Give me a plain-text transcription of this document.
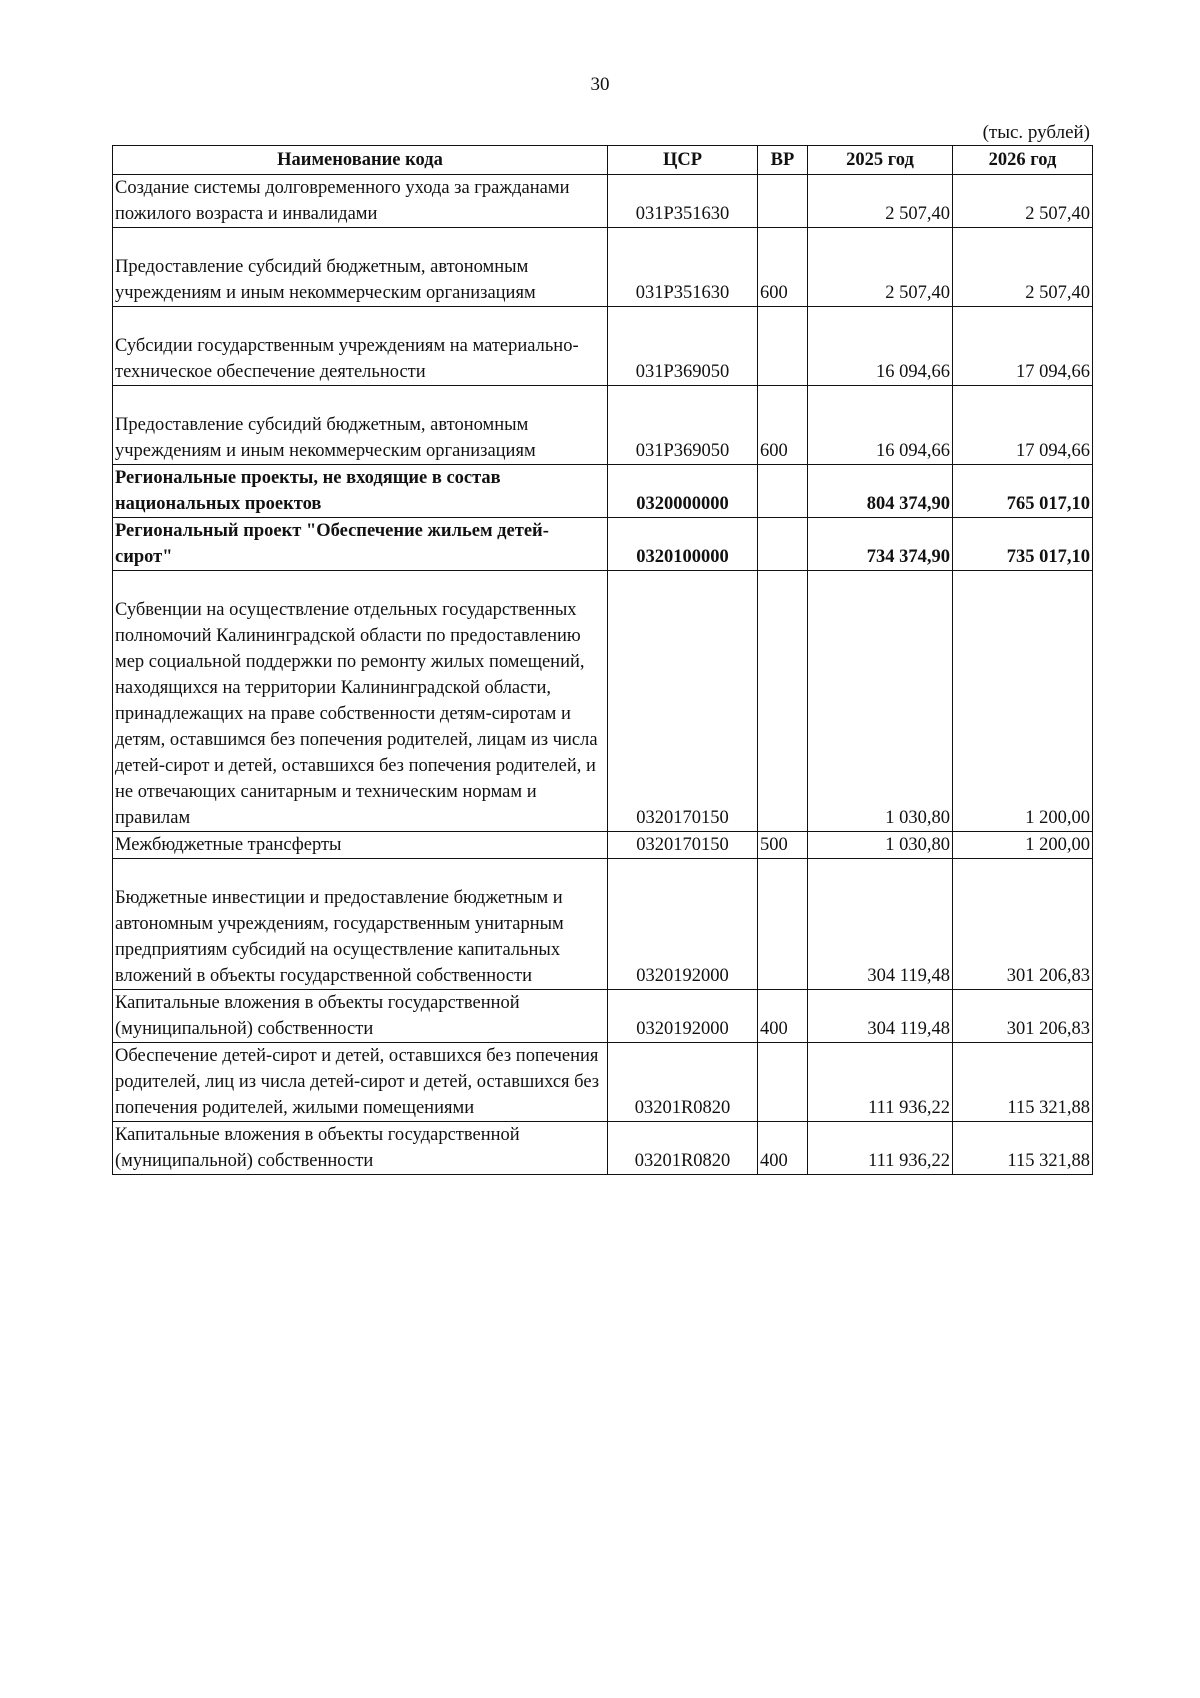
30
(тыс. рублей)
Наименование кода	ЦСР	ВР	2025 год	2026 год
Создание системы долговременного ухода за гражданами пожилого возраста и инвалидами	031P351630		2 507,40	2 507,40
Предоставление субсидий бюджетным, автономным учреждениям и иным некоммерческим организациям	031P351630	600	2 507,40	2 507,40
Субсидии государственным учреждениям на материально-техническое обеспечение деятельности	031P369050		16 094,66	17 094,66
Предоставление субсидий бюджетным, автономным учреждениям и иным некоммерческим организациям	031P369050	600	16 094,66	17 094,66
Региональные проекты, не входящие в состав национальных проектов	0320000000		804 374,90	765 017,10
Региональный проект "Обеспечение жильем детей-сирот"	0320100000		734 374,90	735 017,10
Субвенции на осуществление отдельных государственных полномочий Калининградской области по предоставлению мер социальной поддержки по ремонту жилых помещений, находящихся на территории Калининградской области, принадлежащих на праве собственности детям-сиротам и детям, оставшимся без попечения родителей, лицам из числа детей-сирот и детей, оставшихся без попечения родителей, и не отвечающих санитарным и техническим нормам и правилам	0320170150		1 030,80	1 200,00
Межбюджетные трансферты	0320170150	500	1 030,80	1 200,00
Бюджетные инвестиции и предоставление бюджетным и автономным учреждениям, государственным унитарным предприятиям субсидий на осуществление капитальных вложений в объекты государственной собственности	0320192000		304 119,48	301 206,83
Капитальные вложения в объекты государственной (муниципальной) собственности	0320192000	400	304 119,48	301 206,83
Обеспечение детей-сирот и детей, оставшихся без попечения родителей, лиц из числа детей-сирот и детей, оставшихся без попечения родителей, жилыми помещениями	03201R0820		111 936,22	115 321,88
Капитальные вложения в объекты государственной (муниципальной) собственности	03201R0820	400	111 936,22	115 321,88
